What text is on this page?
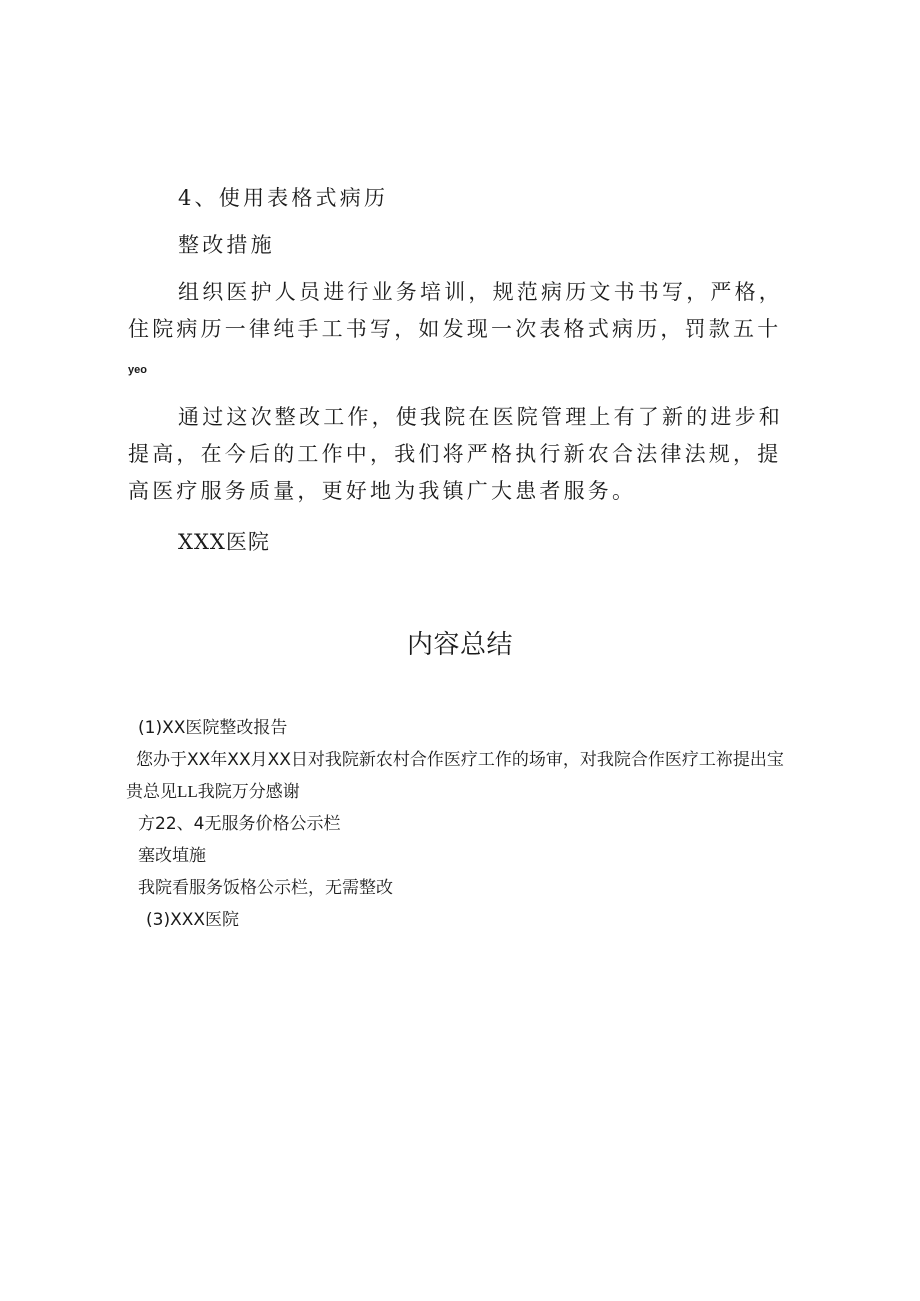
4、使用表格式病历

整改措施

组织医护人员进行业务培训，规范病历文书书写，严格，住院病历一律纯手工书写，如发现一次表格式病历，罚款五十yeo

通过这次整改工作，使我院在医院管理上有了新的进步和提高，在今后的工作中，我们将严格执行新农合法律法规，提高医疗服务质量，更好地为我镇广大患者服务。

XXX医院

内容总结

(1)XX医院整改报告

您办于XX年XX月XX日对我院新农村合作医疗工作的场审，对我院合作医疗工祢提出宝贵总见LL我院万分感谢

方22、4无服务价格公示栏

塞改埴施

我院看服务饭格公示栏，无需整改

(3)XXX医院
